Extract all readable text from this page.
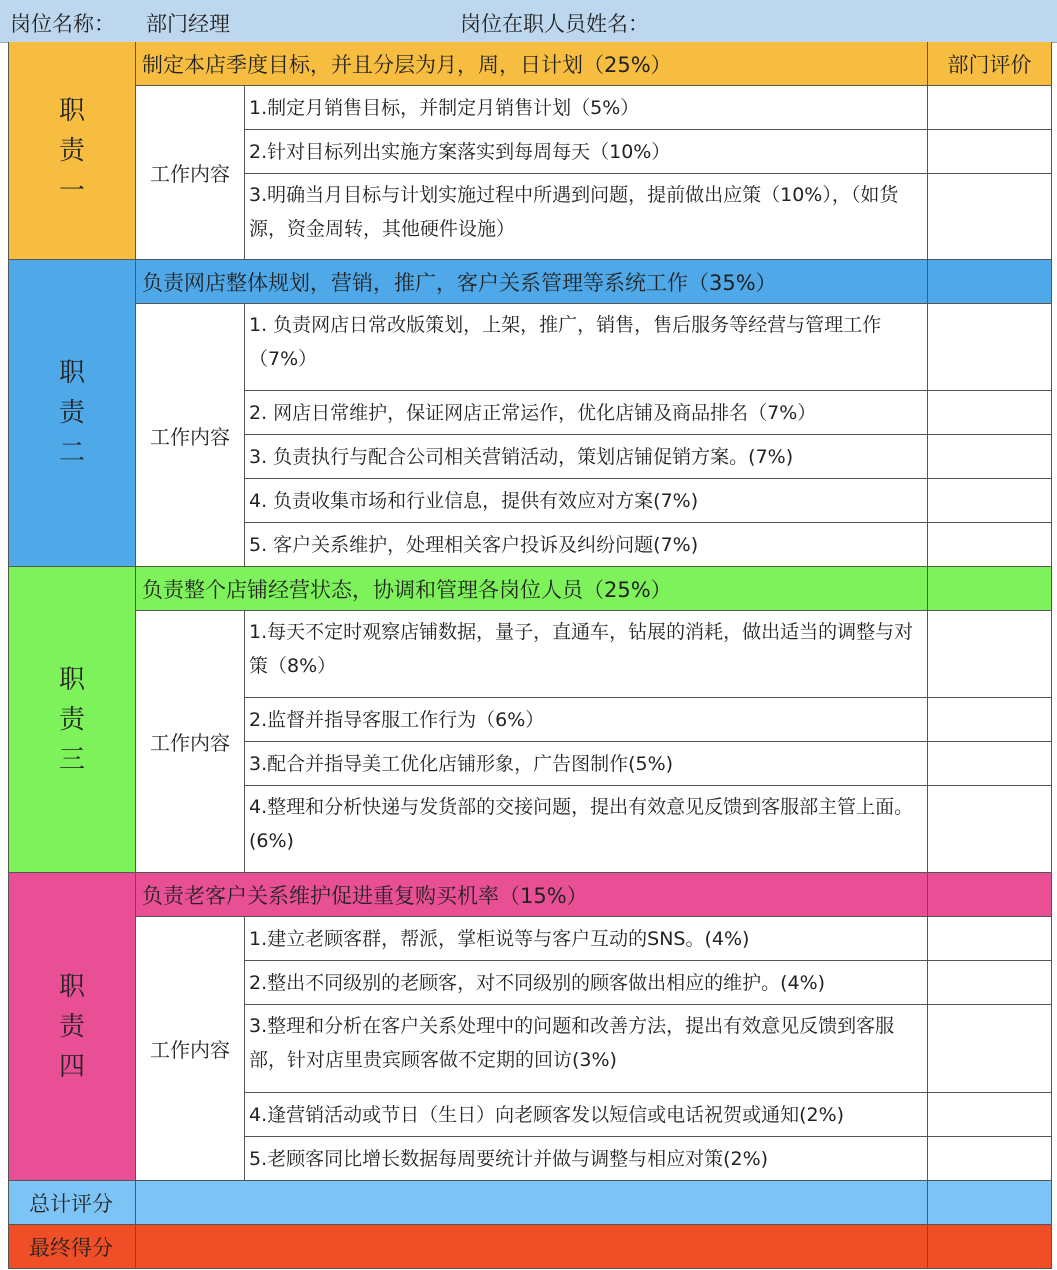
岗位名称： 部门经理	岗位在职人员姓名：
职
责
一
制定本店季度目标，并且分层为月，周，日计划（25%）	部门评价
工作内容
1.制定月销售目标，并制定月销售计划（5%）
2.针对目标列出实施方案落实到每周每天（10%）
3.明确当月目标与计划实施过程中所遇到问题，提前做出应策（10%），（如货源，资金周转，其他硬件设施）
职
责
二
负责网店整体规划，营销，推广，客户关系管理等系统工作（35%）
工作内容
1. 负责网店日常改版策划，上架，推广，销售，售后服务等经营与管理工作（7%）
2. 网店日常维护，保证网店正常运作，优化店铺及商品排名（7%）
3. 负责执行与配合公司相关营销活动，策划店铺促销方案。(7%)
4. 负责收集市场和行业信息，提供有效应对方案(7%)
5. 客户关系维护，处理相关客户投诉及纠纷问题(7%)
职
责
三
负责整个店铺经营状态，协调和管理各岗位人员（25%）
工作内容
1.每天不定时观察店铺数据，量子，直通车，钻展的消耗，做出适当的调整与对策（8%）
2.监督并指导客服工作行为（6%）
3.配合并指导美工优化店铺形象，广告图制作(5%)
4.整理和分析快递与发货部的交接问题，提出有效意见反馈到客服部主管上面。(6%)
职
责
四
负责老客户关系维护促进重复购买机率（15%）
工作内容
1.建立老顾客群，帮派，掌柜说等与客户互动的SNS。(4%)
2.整出不同级别的老顾客，对不同级别的顾客做出相应的维护。(4%)
3.整理和分析在客户关系处理中的问题和改善方法，提出有效意见反馈到客服部，针对店里贵宾顾客做不定期的回访(3%)
4.逢营销活动或节日（生日）向老顾客发以短信或电话祝贺或通知(2%)
5.老顾客同比增长数据每周要统计并做与调整与相应对策(2%)
总计评分
最终得分
